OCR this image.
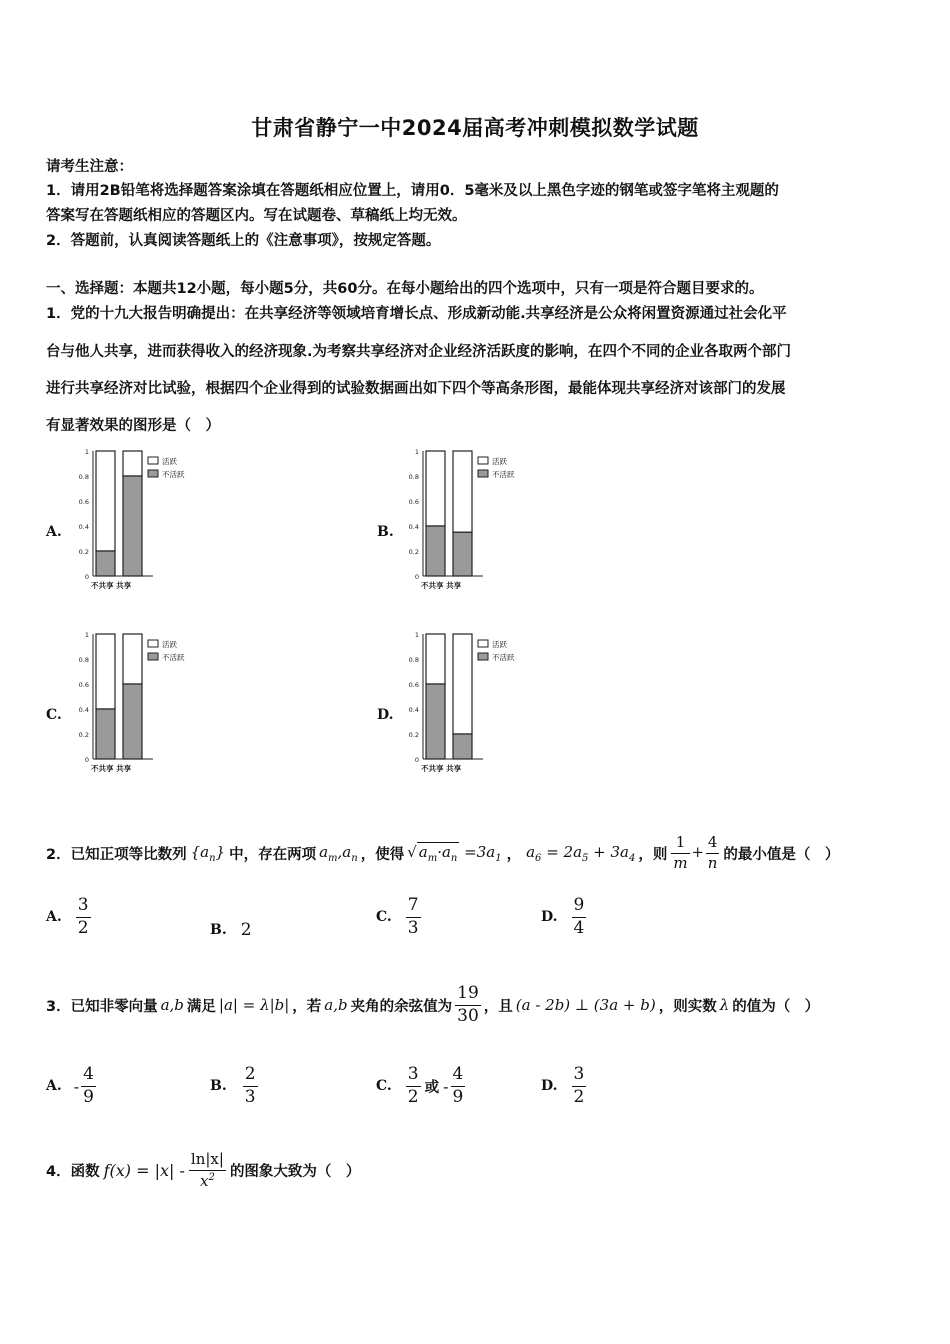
甘肃省静宁一中2024届高考冲刺模拟数学试题
请考生注意：
1．请用2B铅笔将选择题答案涂填在答题纸相应位置上，请用0．5毫米及以上黑色字迹的钢笔或签字笔将主观题的
答案写在答题纸相应的答题区内。写在试题卷、草稿纸上均无效。
2．答题前，认真阅读答题纸上的《注意事项》，按规定答题。
一、选择题：本题共12小题，每小题5分，共60分。在每小题给出的四个选项中，只有一项是符合题目要求的。
1．党的十九大报告明确提出：在共享经济等领域培育增长点、形成新动能.共享经济是公众将闲置资源通过社会化平
台与他人共享，进而获得收入的经济现象.为考察共享经济对企业经济活跃度的影响，在四个不同的企业各取两个部门
进行共享经济对比试验，根据四个企业得到的试验数据画出如下四个等高条形图，最能体现共享经济对该部门的发展
有显著效果的图形是（　）
A.	B.
C.	D.
0
0.2
0.4
0.6
0.8
1
不共享 共享
活跃
不活跃
0
0.2
0.4
0.6
0.8
1
不共享 共享
活跃
不活跃
0
0.2
0.4
0.6
0.8
1
不共享 共享
活跃
不活跃
0
0.2
0.4
0.6
0.8
1
不共享 共享
活跃
不活跃
2．已知正项等比数列 $\{a_n\}$ 中，存在两项 $a_m,a_n$ ，使得 √ $a_m\cdot a_n =3a_1$ ， $a_6 = 2a_5 + 3a_4$ ，则 $\frac{1}{m} + \frac{4}{n}$ 的最小值是（　）
A. $\frac{3}{2}$	B. 2
C. $\frac{7}{3}$	D. $\frac{9}{4}$
3．已知非零向量 a,b 满足 |a| = λ|b| ，若 a,b 夹角的余弦值为 $\frac{19}{30}$ ，且 (a - 2b) ⊥ (3a + b) ，则实数 λ 的值为（　）
A. - $\frac{4}{9}$	B. $\frac{2}{3}$	C. $\frac{3}{2}$ 或 - $\frac{4}{9}$	D. $\frac{3}{2}$
4．函数 $f(x) = |x| - \frac{\ln|x|}{x^2}$ 的图象大致为（　）
